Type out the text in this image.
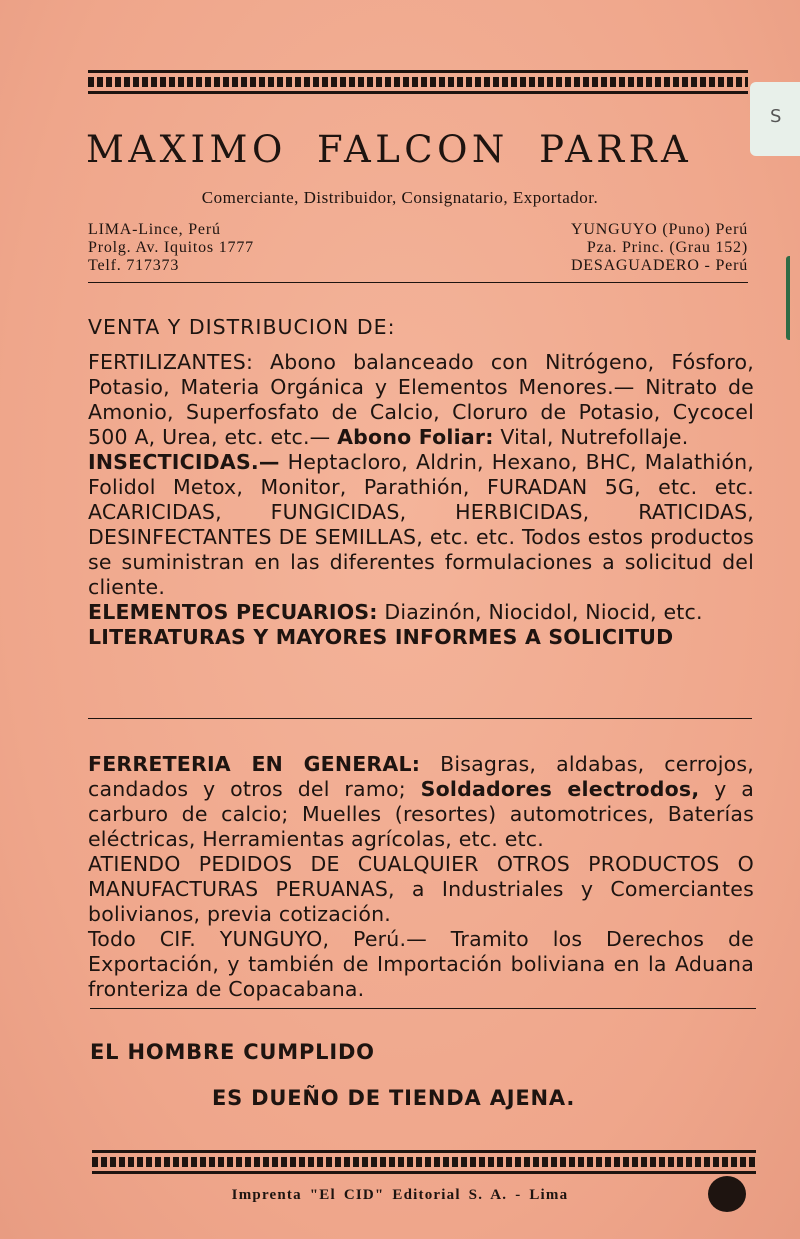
S
MAXIMO FALCON PARRA
Comerciante, Distribuidor, Consignatario, Exportador.
LIMA-Lince, Perú
Prolg. Av. Iquitos 1777
Telf. 717373
YUNGUYO (Puno) Perú
Pza. Princ. (Grau 152)
DESAGUADERO - Perú
VENTA Y DISTRIBUCION DE:

FERTILIZANTES: Abono balanceado con Nitrógeno, Fósforo, Potasio, Materia Orgánica y Elementos Menores.— Nitrato de Amonio, Superfosfato de Calcio, Cloruro de Potasio, Cycocel 500 A, Urea, etc. etc.— Abono Foliar: Vital, Nutrefollaje.

INSECTICIDAS.— Heptacloro, Aldrin, Hexano, BHC, Malathión, Folidol Metox, Monitor, Parathión, FURADAN 5G, etc. etc. ACARICIDAS, FUNGICIDAS, HERBICIDAS, RATICIDAS, DESINFECTANTES DE SEMILLAS, etc. etc. Todos estos productos se suministran en las diferentes formulaciones a solicitud del cliente.

ELEMENTOS PECUARIOS: Diazinón, Niocidol, Niocid, etc.

LITERATURAS Y MAYORES INFORMES A SOLICITUD

FERRETERIA EN GENERAL: Bisagras, aldabas, cerrojos, candados y otros del ramo; Soldadores electrodos, y a carburo de calcio; Muelles (resortes) automotrices, Baterías eléctricas, Herramientas agrícolas, etc. etc.

ATIENDO PEDIDOS DE CUALQUIER OTROS PRODUCTOS O MANUFACTURAS PERUANAS, a Industriales y Comerciantes bolivianos, previa cotización.

Todo CIF. YUNGUYO, Perú.— Tramito los Derechos de Exportación, y también de Importación boliviana en la Aduana fronteriza de Copacabana.

EL HOMBRE CUMPLIDO
ES DUEÑO DE TIENDA AJENA.
Imprenta "El CID" Editorial S. A. - Lima
